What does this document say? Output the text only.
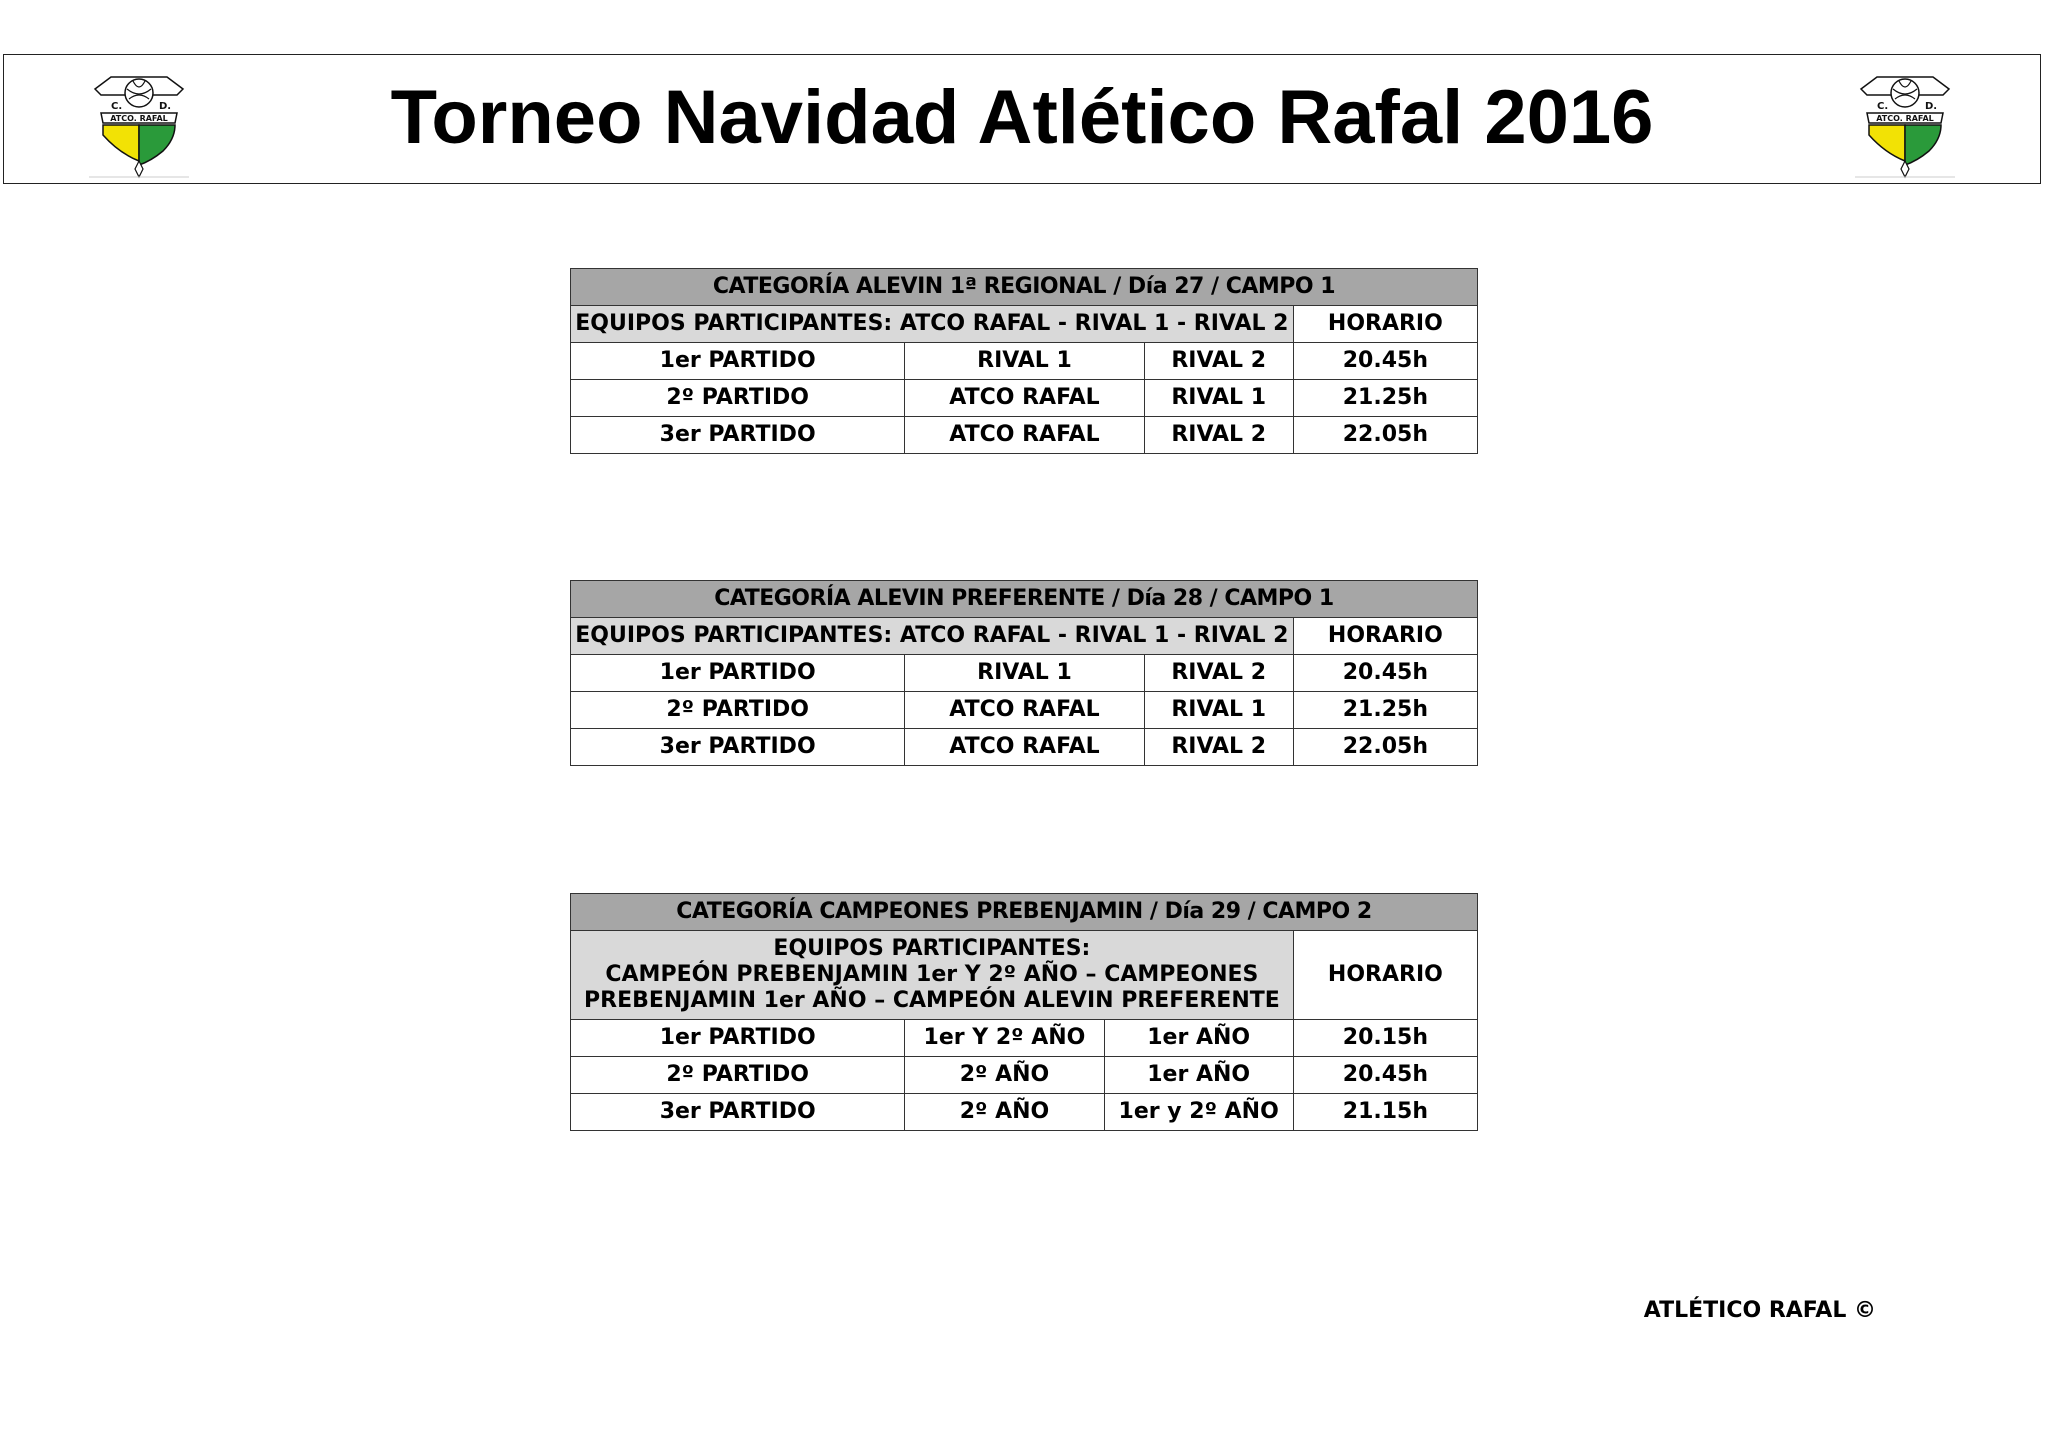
C.	D.
ATCO. RAFAL	Torneo Navidad Atlético Rafal 2016	C.	D.
ATCO. RAFAL
CATEGORÍA ALEVIN 1ª REGIONAL / Día 27 / CAMPO 1			
EQUIPOS PARTICIPANTES: ATCO RAFAL - RIVAL 1 - RIVAL 2			HORARIO
1er PARTIDO	RIVAL 1	RIVAL 2	20.45h
2º PARTIDO	ATCO RAFAL	RIVAL 1	21.25h
3er PARTIDO	ATCO RAFAL	RIVAL 2	22.05h
CATEGORÍA ALEVIN PREFERENTE / Día 28 / CAMPO 1			
EQUIPOS PARTICIPANTES: ATCO RAFAL - RIVAL 1 - RIVAL 2			HORARIO
1er PARTIDO	RIVAL 1	RIVAL 2	20.45h
2º PARTIDO	ATCO RAFAL	RIVAL 1	21.25h
3er PARTIDO	ATCO RAFAL	RIVAL 2	22.05h
CATEGORÍA CAMPEONES PREBENJAMIN / Día 29 / CAMPO 2			

EQUIPOS PARTICIPANTES:
CAMPEÓN PREBENJAMIN 1er Y 2º AÑO – CAMPEONES
PREBENJAMIN 1er AÑO – CAMPEÓN ALEVIN PREFERENTE			HORARIO
1er PARTIDO	1er Y 2º AÑO	1er AÑO	20.15h
2º PARTIDO	2º AÑO	1er AÑO	20.45h
3er PARTIDO	2º AÑO	1er y 2º AÑO	21.15h
ATLÉTICO RAFAL ©
